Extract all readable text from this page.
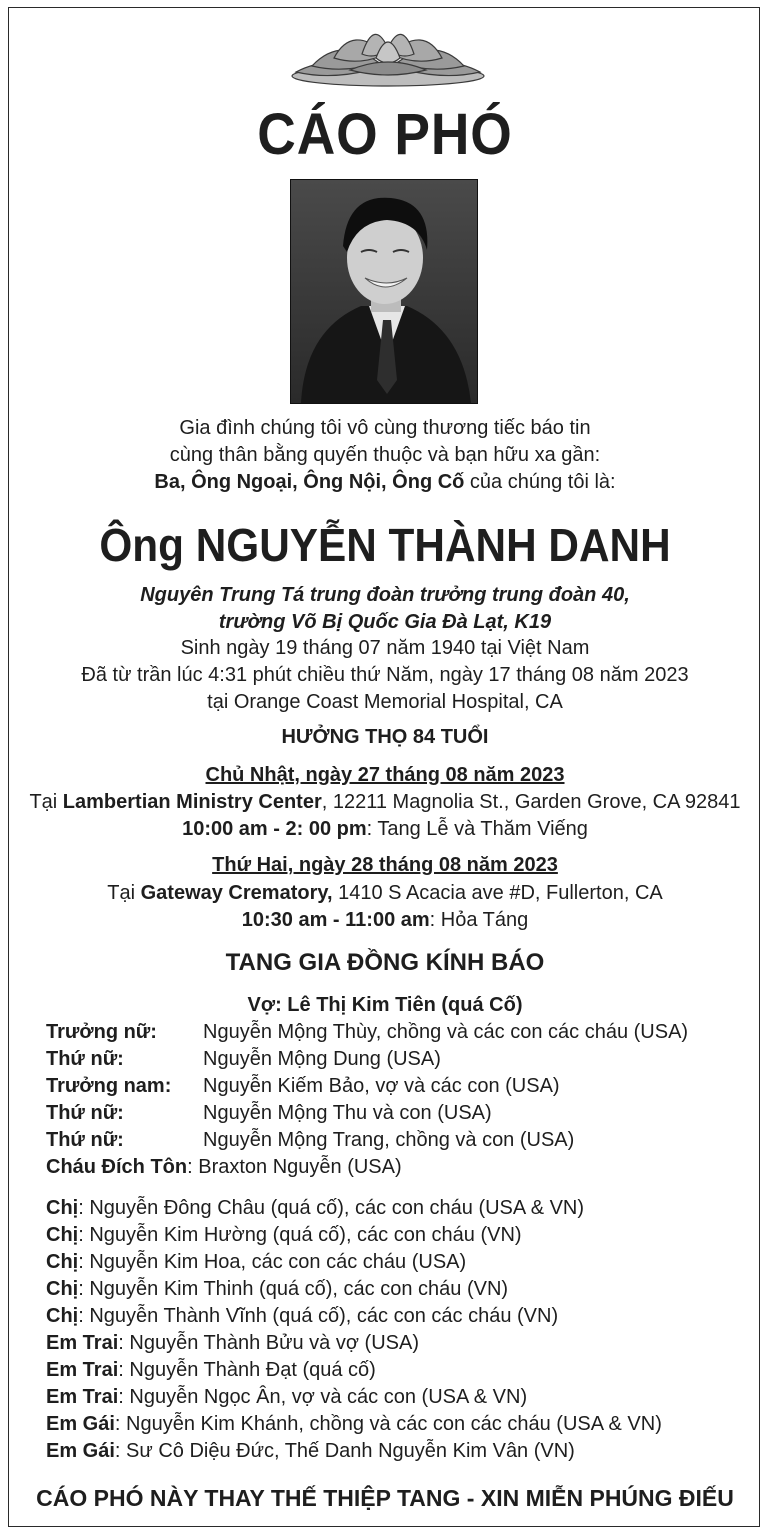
CÁO PHÓ
Gia đình chúng tôi vô cùng thương tiếc báo tin
cùng thân bằng quyến thuộc và bạn hữu xa gần:
Ba, Ông Ngoại, Ông Nội, Ông Cố của chúng tôi là:
Ông NGUYỄN THÀNH DANH
Nguyên Trung Tá trung đoàn trưởng trung đoàn 40,
trường Võ Bị Quốc Gia Đà Lạt, K19
Sinh ngày 19 tháng 07 năm 1940 tại Việt Nam
Đã từ trần lúc 4:31 phút chiều thứ Năm, ngày 17 tháng 08 năm 2023
tại Orange Coast Memorial Hospital, CA
HƯỞNG THỌ 84 TUỔI
Chủ Nhật, ngày 27 tháng 08 năm 2023
Tại Lambertian Ministry Center, 12211 Magnolia St., Garden Grove, CA 92841
10:00 am - 2: 00 pm: Tang Lễ và Thăm Viếng
Thứ Hai, ngày 28 tháng 08 năm 2023
Tại Gateway Crematory, 1410 S Acacia ave #D, Fullerton, CA
10:30 am - 11:00 am: Hỏa Táng
TANG GIA ĐỒNG KÍNH BÁO
Vợ: Lê Thị Kim Tiên (quá Cố)
Trưởng nữ: Nguyễn Mộng Thùy, chồng và các con các cháu (USA)
Thứ nữ:	Nguyễn Mộng Dung (USA)
Trưởng nam: Nguyễn Kiếm Bảo, vợ và các con (USA)
Thứ nữ:	Nguyễn Mộng Thu và con (USA)
Thứ nữ:	Nguyễn Mộng Trang, chồng và con (USA)
Cháu Đích Tôn: Braxton Nguyễn (USA)
Chị: Nguyễn Đông Châu (quá cố), các con cháu (USA & VN)
Chị: Nguyễn Kim Hường (quá cố), các con cháu (VN)
Chị: Nguyễn Kim Hoa, các con các cháu (USA)
Chị: Nguyễn Kim Thinh (quá cố), các con cháu (VN)
Chị: Nguyễn Thành Vĩnh (quá cố), các con các cháu (VN)
Em Trai: Nguyễn Thành Bửu và vợ (USA)
Em Trai: Nguyễn Thành Đạt (quá cố)
Em Trai: Nguyễn Ngọc Ân, vợ và các con (USA & VN)
Em Gái: Nguyễn Kim Khánh, chồng và các con các cháu (USA & VN)
Em Gái: Sư Cô Diệu Đức, Thế Danh Nguyễn Kim Vân (VN)
CÁO PHÓ NÀY THAY THẾ THIỆP TANG - XIN MIỄN PHÚNG ĐIẾU
